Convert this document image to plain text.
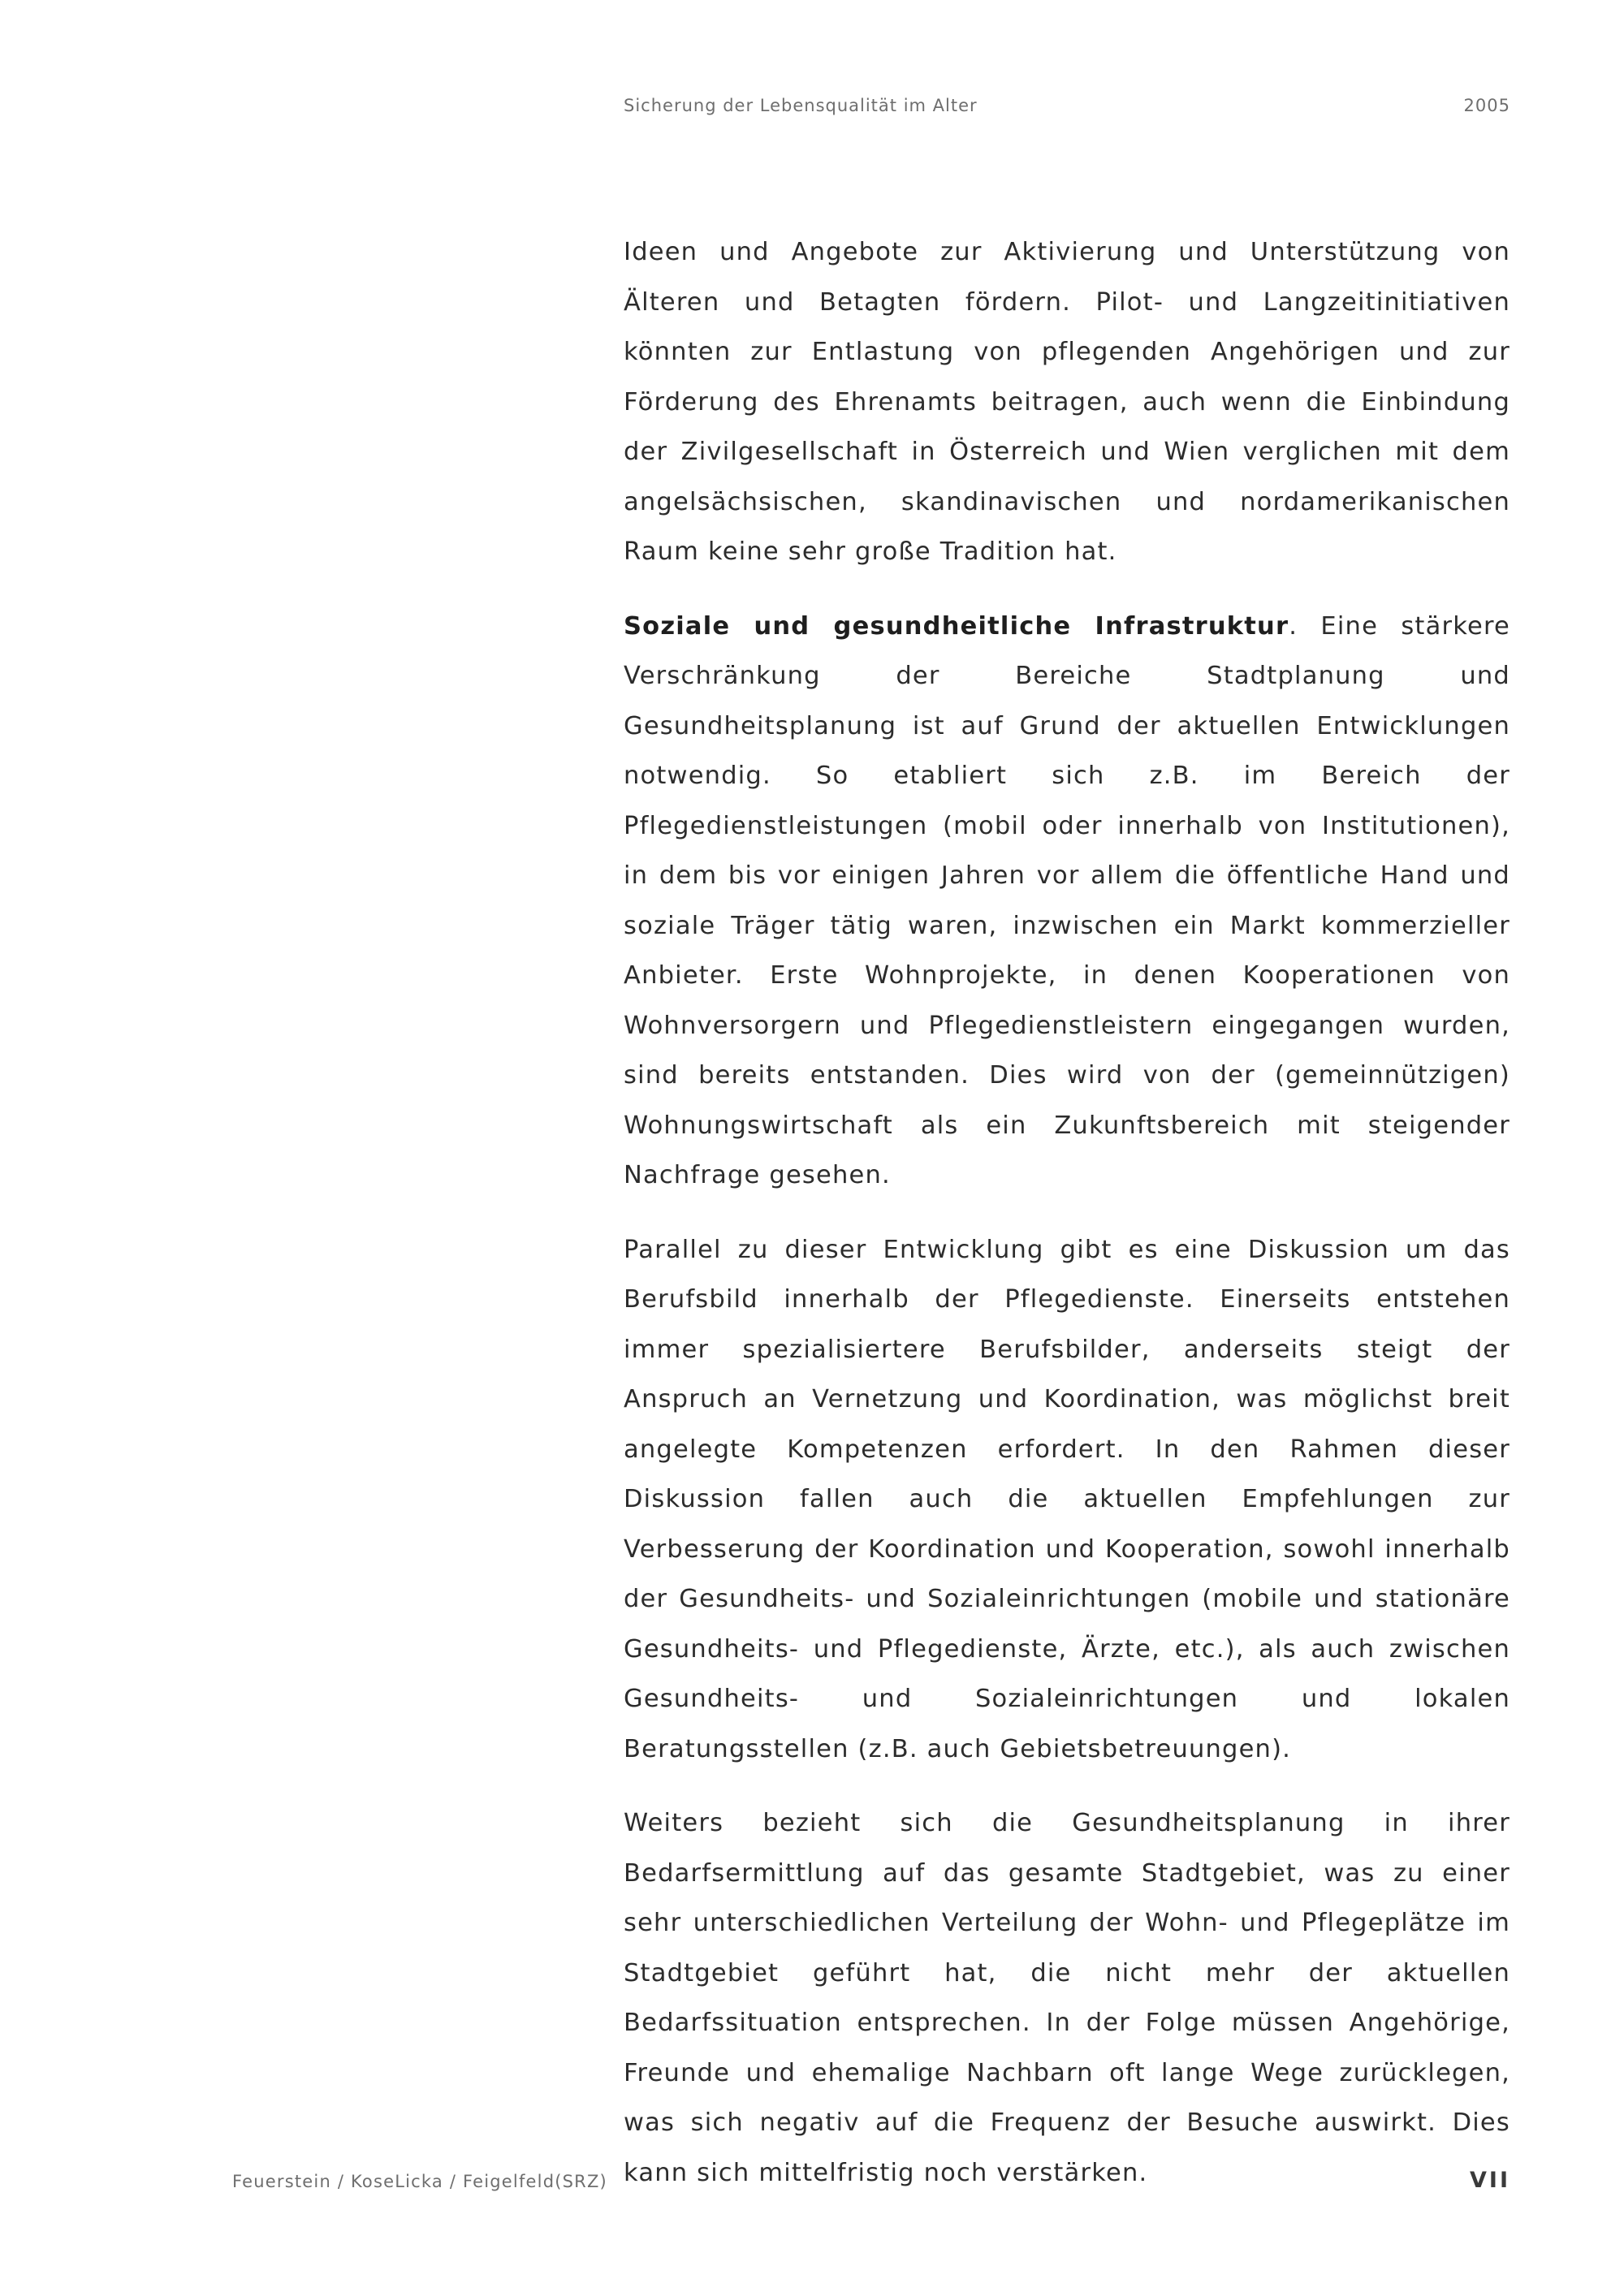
Sicherung der Lebensqualität im Alter	2005

Ideen und Angebote zur Aktivierung und Unterstützung von Älteren und Betagten fördern. Pilot- und Langzeitinitiativen könnten zur Entlastung von pflegenden Angehörigen und zur Förderung des Ehrenamts beitragen, auch wenn die Einbindung der Zivilgesellschaft in Österreich und Wien verglichen mit dem angelsächsischen, skandinavischen und nordamerikanischen Raum keine sehr große Tradition hat.

Soziale und gesundheitliche Infrastruktur. Eine stärkere Verschränkung der Bereiche Stadtplanung und Gesundheitsplanung ist auf Grund der aktuellen Entwicklungen notwendig. So etabliert sich z.B. im Bereich der Pflegedienstleistungen (mobil oder innerhalb von Institutionen), in dem bis vor einigen Jahren vor allem die öffentliche Hand und soziale Träger tätig waren, inzwischen ein Markt kommerzieller Anbieter. Erste Wohnprojekte, in denen Kooperationen von Wohnversorgern und Pflegedienstleistern eingegangen wurden, sind bereits entstanden. Dies wird von der (gemeinnützigen) Wohnungswirtschaft als ein Zukunftsbereich mit steigender Nachfrage gesehen.

Parallel zu dieser Entwicklung gibt es eine Diskussion um das Berufsbild innerhalb der Pflegedienste. Einerseits entstehen immer spezialisiertere Berufsbilder, anderseits steigt der Anspruch an Vernetzung und Koordination, was möglichst breit angelegte Kompetenzen erfordert. In den Rahmen dieser Diskussion fallen auch die aktuellen Empfehlungen zur Verbesserung der Koordination und Kooperation, sowohl innerhalb der Gesundheits- und Sozialeinrichtungen (mobile und stationäre Gesundheits- und Pflegedienste, Ärzte, etc.), als auch zwischen Gesundheits- und Sozialeinrichtungen und lokalen Beratungsstellen (z.B. auch Gebietsbetreuungen).

Weiters bezieht sich die Gesundheitsplanung in ihrer Bedarfsermittlung auf das gesamte Stadtgebiet, was zu einer sehr unterschiedlichen Verteilung der Wohn- und Pflegeplätze im Stadtgebiet geführt hat, die nicht mehr der aktuellen Bedarfssituation entsprechen. In der Folge müssen Angehörige, Freunde und ehemalige Nachbarn oft lange Wege zurücklegen, was sich negativ auf die Frequenz der Besuche auswirkt. Dies kann sich mittelfristig noch verstärken.

Feuerstein / KoseLicka / Feigelfeld(SRZ)	VII
